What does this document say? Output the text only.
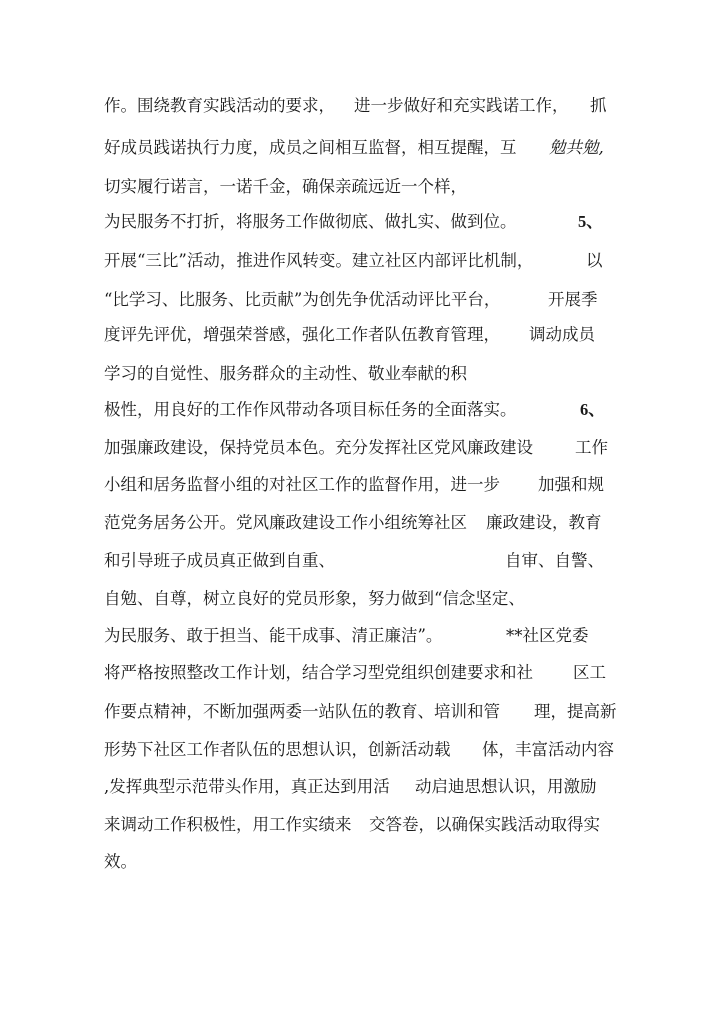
作。围绕教育实践活动的要求， 进一步做好和充实践诺工作， 抓
好成员践诺执行力度，成员之间相互监督，相互提醒，互 勉共勉,
切实履行诺言，一诺千金，确保亲疏远近一个样，
为民服务不打折，将服务工作做彻底、做扎实、做到位。	5、
开展“三比”活动，推进作风转变。建立社区内部评比机制，	以
“比学习、比服务、比贡献”为创先争优活动评比平台，	开展季
度评先评优，增强荣誉感，强化工作者队伍教育管理， 调动成员
学习的自觉性、服务群众的主动性、敬业奉献的积
极性，用良好的工作作风带动各项目标任务的全面落实。	6、
加强廉政建设，保持党员本色。充分发挥社区党风廉政建设	工作
小组和居务监督小组的对社区工作的监督作用，进一步 加强和规
范党务居务公开。党风廉政建设工作小组统筹社区 廉政建设，教育
和引导班子成员真正做到自重、	自审、自警、
自勉、自尊，树立良好的党员形象，努力做到“信念坚定、
为民服务、敢于担当、能干成事、清正廉洁”。	**社区党委
将严格按照整改工作计划，结合学习型党组织创建要求和社 区工
作要点精神，不断加强两委一站队伍的教育、培训和管 理，提高新
形势下社区工作者队伍的思想认识，创新活动载 体，丰富活动内容
,发挥典型示范带头作用，真正达到用活 动启迪思想认识，用激励
来调动工作积极性，用工作实绩来 交答卷，以确保实践活动取得实
效。
